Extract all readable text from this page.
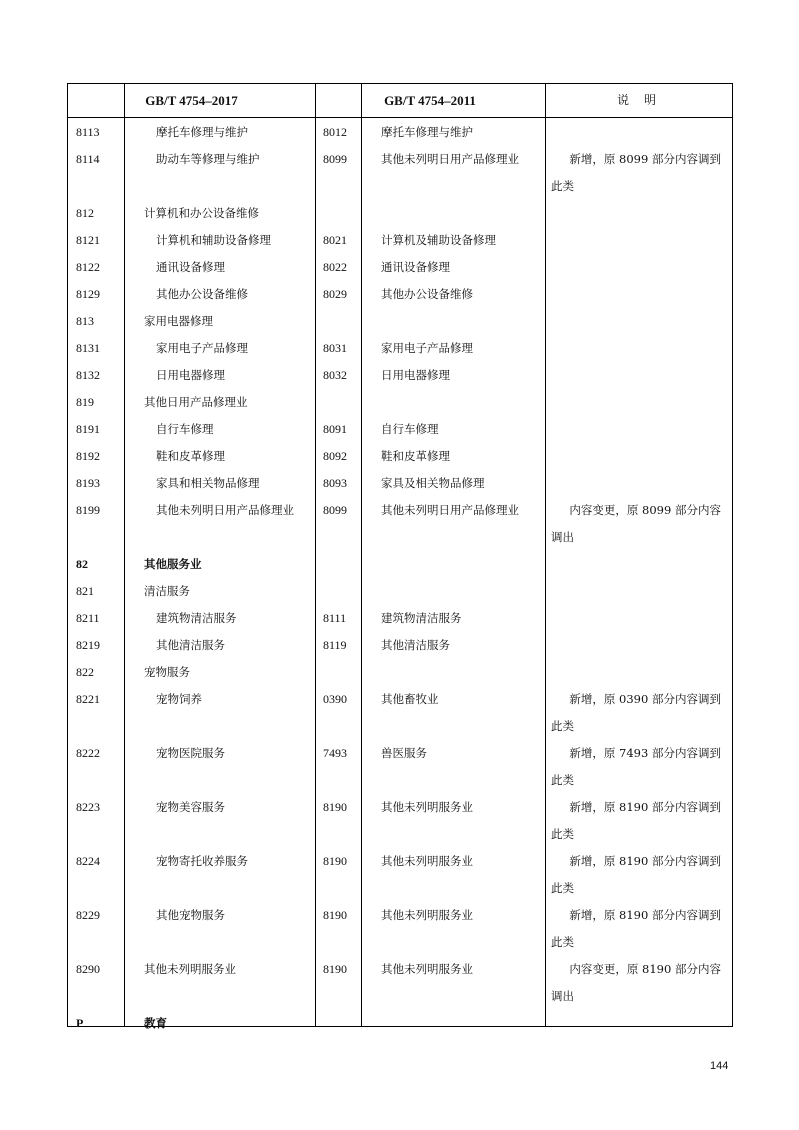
GB/T 4754–2017	GB/T 4754–2011	说 明
8113	摩托车修理与维护	8012	摩托车修理与维护
8114	助动车等修理与维护	8099	其他未列明日用产品修理业	新增，原 8099 部分内容调到此类
812	计算机和办公设备维修
8121	计算机和辅助设备修理	8021	计算机及辅助设备修理
8122	通讯设备修理	8022	通讯设备修理
8129	其他办公设备维修	8029	其他办公设备维修
813	家用电器修理
8131	家用电子产品修理	8031	家用电子产品修理
8132	日用电器修理	8032	日用电器修理
819	其他日用产品修理业
8191	自行车修理	8091	自行车修理
8192	鞋和皮革修理	8092	鞋和皮革修理
8193	家具和相关物品修理	8093	家具及相关物品修理
8199	其他未列明日用产品修理业 8099	其他未列明日用产品修理业	内容变更，原 8099 部分内容调出
82	其他服务业
821	清洁服务
8211	建筑物清洁服务	8111	建筑物清洁服务
8219	其他清洁服务	8119	其他清洁服务
822	宠物服务
8221	宠物饲养	0390	其他畜牧业	新增，原 0390 部分内容调到此类
8222	宠物医院服务	7493	兽医服务	新增，原 7493 部分内容调到此类
8223	宠物美容服务	8190	其他未列明服务业	新增，原 8190 部分内容调到此类
8224	宠物寄托收养服务	8190	其他未列明服务业	新增，原 8190 部分内容调到此类
8229	其他宠物服务	8190	其他未列明服务业	新增，原 8190 部分内容调到此类
8290	其他未列明服务业	8190	其他未列明服务业	内容变更，原 8190 部分内容调出
P	教育
144
